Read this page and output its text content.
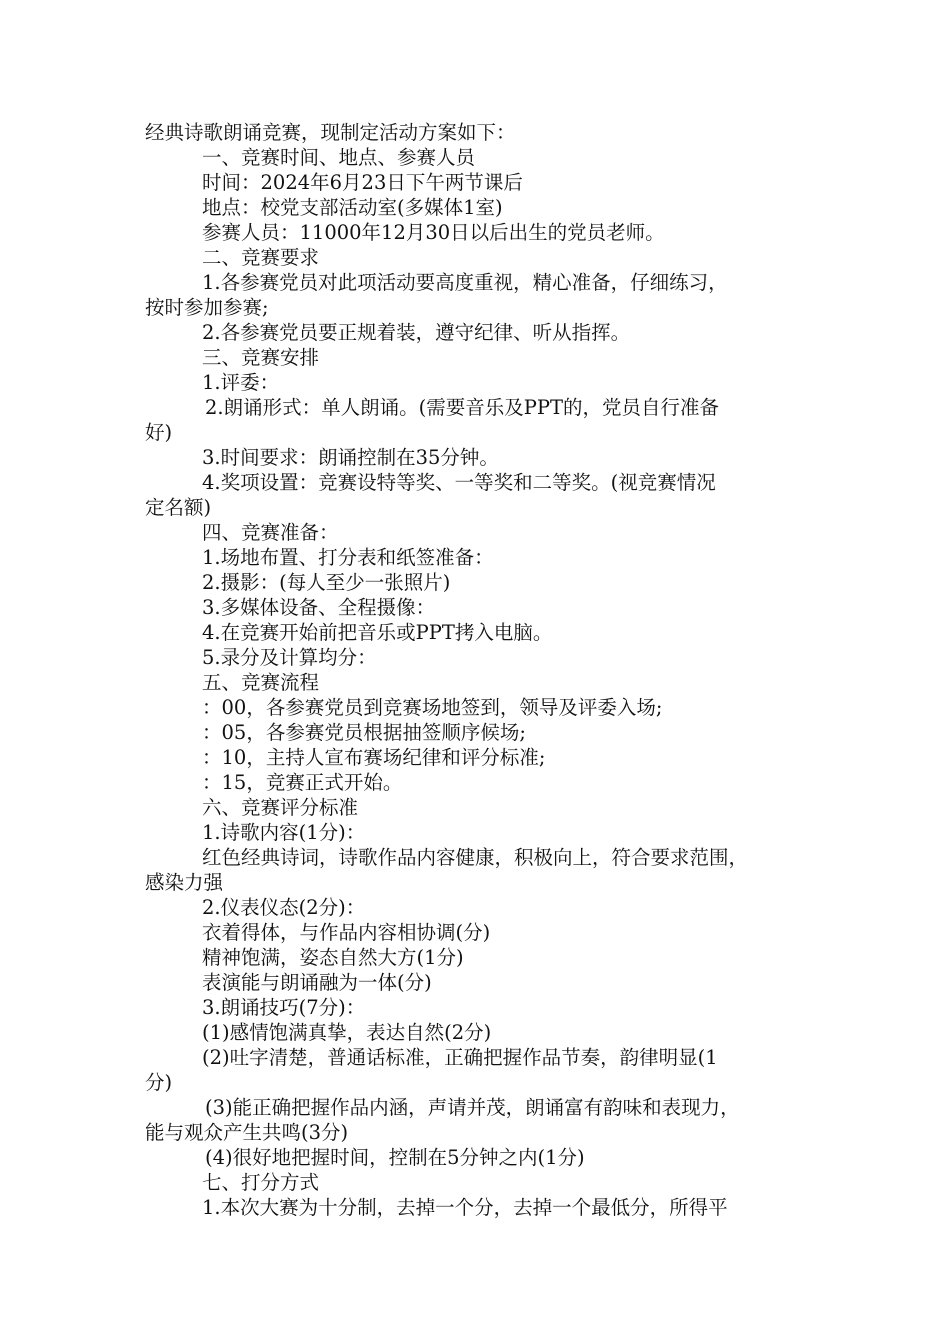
经典诗歌朗诵竞赛，现制定活动方案如下：

一、竞赛时间、地点、参赛人员

时间：2024年6月23日下午两节课后

地点：校党支部活动室(多媒体1室)

参赛人员：11000年12月30日以后出生的党员老师。

二、竞赛要求

1.各参赛党员对此项活动要高度重视，精心准备，仔细练习，

按时参加参赛;

2.各参赛党员要正规着装，遵守纪律、听从指挥。

三、竞赛安排

1.评委：

2.朗诵形式：单人朗诵。(需要音乐及PPT的，党员自行准备

好)

3.时间要求：朗诵控制在35分钟。

4.奖项设置：竞赛设特等奖、一等奖和二等奖。(视竞赛情况

定名额)

四、竞赛准备：

1.场地布置、打分表和纸签准备：

2.摄影：(每人至少一张照片)

3.多媒体设备、全程摄像：

4.在竞赛开始前把音乐或PPT拷入电脑。

5.录分及计算均分：

五、竞赛流程

：00，各参赛党员到竞赛场地签到，领导及评委入场;

：05，各参赛党员根据抽签顺序候场;

：10，主持人宣布赛场纪律和评分标准;

：15，竞赛正式开始。

六、竞赛评分标准

1.诗歌内容(1分)：

红色经典诗词，诗歌作品内容健康，积极向上，符合要求范围，

感染力强

2.仪表仪态(2分)：

衣着得体，与作品内容相协调(分)

精神饱满，姿态自然大方(1分)

表演能与朗诵融为一体(分)

3.朗诵技巧(7分)：

(1)感情饱满真挚，表达自然(2分)

(2)吐字清楚，普通话标准，正确把握作品节奏，韵律明显(1

分)

(3)能正确把握作品内涵，声请并茂，朗诵富有韵味和表现力，

能与观众产生共鸣(3分)

(4)很好地把握时间，控制在5分钟之内(1分)

七、打分方式

1.本次大赛为十分制，去掉一个分，去掉一个最低分，所得平
